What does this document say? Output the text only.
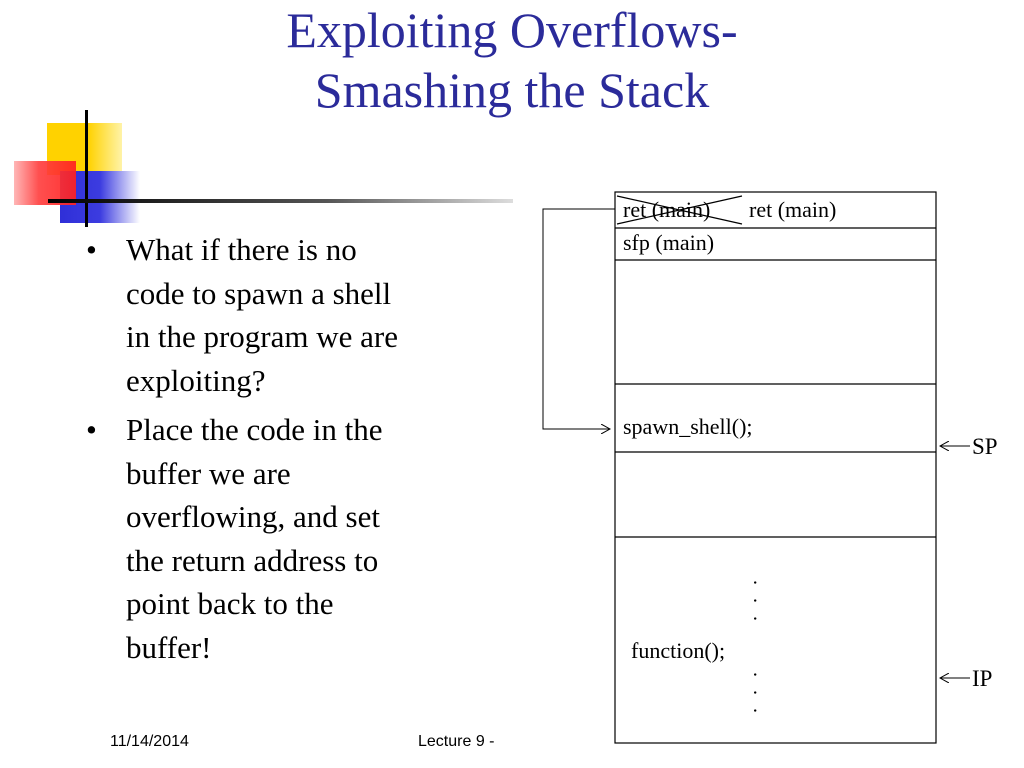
Exploiting Overflows-
Smashing the Stack
• What if there is no
code to spawn a shell
in the program we are
exploiting?
• Place the code in the
buffer we are
overflowing, and set
the return address to
point back to the
buffer!
ret (main) ret (main)
sfp (main)
spawn_shell();
SP
. . .
function();
. . .	IP
11/14/2014	Lecture 9 -
